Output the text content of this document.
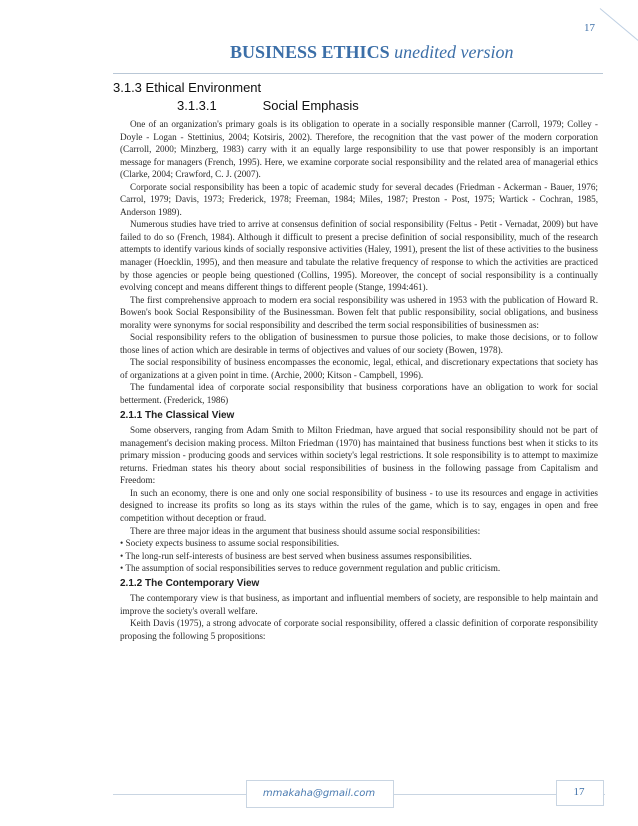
17
BUSINESS ETHICS unedited version
3.1.3 Ethical Environment
3.1.3.1	Social Emphasis

One of an organization's primary goals is its obligation to operate in a socially responsible manner (Carroll, 1979; Colley - Doyle - Logan - Stettinius, 2004; Kotsiris, 2002). Therefore, the recognition that the vast power of the modern corporation (Carroll, 2000; Minzberg, 1983) carry with it an equally large responsibility to use that power responsibly is an important message for managers (French, 1995). Here, we examine corporate social responsibility and the related area of managerial ethics (Clarke, 2004; Crawford, C. J. (2007).

Corporate social responsibility has been a topic of academic study for several decades (Friedman - Ackerman - Bauer, 1976; Carrol, 1979; Davis, 1973; Frederick, 1978; Freeman, 1984; Miles, 1987; Preston - Post, 1975; Wartick - Cochran, 1985, Anderson 1989).

Numerous studies have tried to arrive at consensus definition of social responsibility (Feltus - Petit - Vernadat, 2009) but have failed to do so (French, 1984). Although it difficult to present a precise definition of social responsibility, much of the research attempts to identify various kinds of socially responsive activities (Haley, 1991), present the list of these activities to the business manager (Hoecklin, 1995), and then measure and tabulate the relative frequency of response to which the activities are practiced by those agencies or people being questioned (Collins, 1995). Moreover, the concept of social responsibility is a continually evolving concept and means different things to different people (Stange, 1994:461).

The first comprehensive approach to modern era social responsibility was ushered in 1953 with the publication of Howard R. Bowen's book Social Responsibility of the Businessman. Bowen felt that public responsibility, social obligations, and business morality were synonyms for social responsibility and described the term social responsibilities of businessmen as:

Social responsibility refers to the obligation of businessmen to pursue those policies, to make those decisions, or to follow those lines of action which are desirable in terms of objectives and values of our society (Bowen, 1978).

The social responsibility of business encompasses the economic, legal, ethical, and discretionary expectations that society has of organizations at a given point in time. (Archie, 2000; Kitson - Campbell, 1996).

The fundamental idea of corporate social responsibility that business corporations have an obligation to work for social betterment. (Frederick, 1986)

2.1.1 The Classical View

Some observers, ranging from Adam Smith to Milton Friedman, have argued that social responsibility should not be part of management's decision making process. Milton Friedman (1970) has maintained that business functions best when it sticks to its primary mission - producing goods and services within society's legal restrictions. It sole responsibility is to attempt to maximize returns. Friedman states his theory about social responsibilities of business in the following passage from Capitalism and Freedom:

In such an economy, there is one and only one social responsibility of business - to use its resources and engage in activities designed to increase its profits so long as its stays within the rules of the game, which is to say, engages in open and free competition without deception or fraud.

There are three major ideas in the argument that business should assume social responsibilities:

• Society expects business to assume social responsibilities.
• The long-run self-interests of business are best served when business assumes responsibilities.
• The assumption of social responsibilities serves to reduce government regulation and public criticism.
2.1.2 The Contemporary View

The contemporary view is that business, as important and influential members of society, are responsible to help maintain and improve the society's overall welfare.

Keith Davis (1975), a strong advocate of corporate social responsibility, offered a classic definition of corporate responsibility proposing the following 5 propositions:

mmakaha@gmail.com	17
